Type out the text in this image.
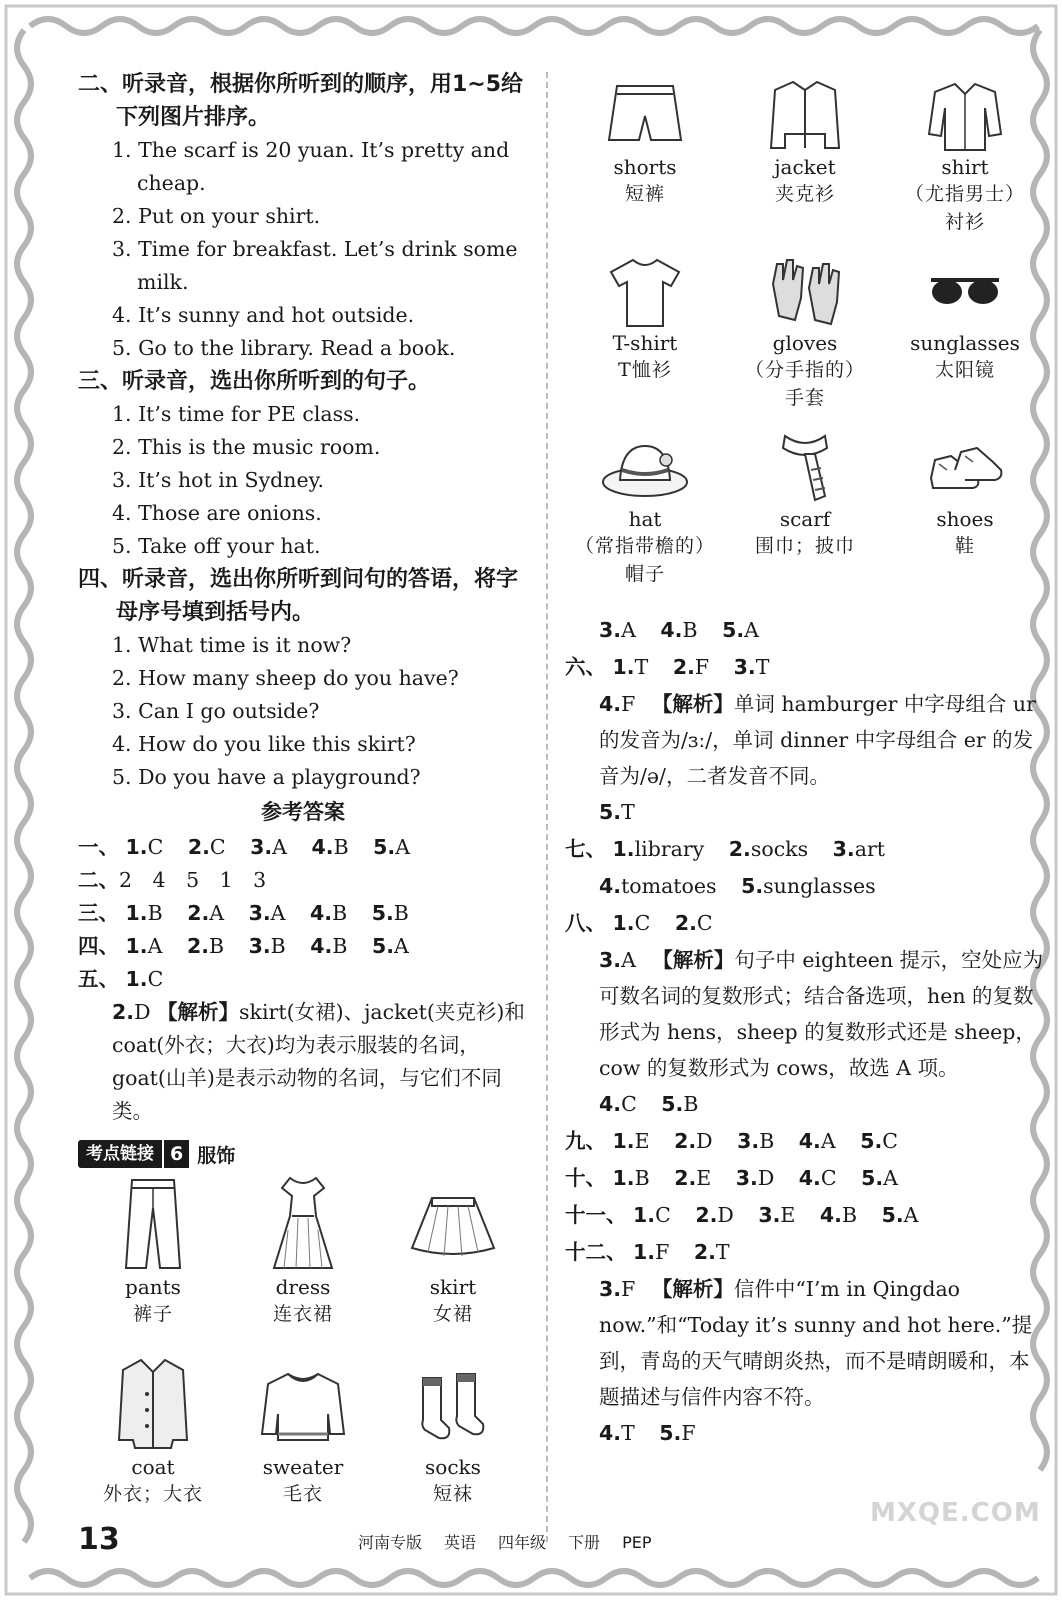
二、听录音，根据你所听到的顺序，用1~5给
下列图片排序。
1. The scarf is 20 yuan. It’s pretty and
cheap.
2. Put on your shirt.
3. Time for breakfast. Let’s drink some
milk.
4. It’s sunny and hot outside.
5. Go to the library. Read a book.
三、听录音，选出你所听到的句子。
1. It’s time for PE class.
2. This is the music room.
3. It’s hot in Sydney.
4. Those are onions.
5. Take off your hat.
四、听录音，选出你所听到问句的答语，将字
母序号填到括号内。
1. What time is it now?
2. How many sheep do you have?
3. Can I go outside?
4. How do you like this skirt?
5. Do you have a playground?
参考答案
一、 1.C 2.C 3.A 4.B 5.A
二、2　4　5　1　3
三、 1.B 2.A 3.A 4.B 5.B
四、 1.A 2.B 3.B 4.B 5.A
五、 1.C
2.D 【解析】skirt(女裙)、jacket(夹克衫)和coat(外衣；大衣)均为表示服装的名词，goat(山羊)是表示动物的名词，与它们不同类。
考点链接 6 服饰
pants
裤子
dress
连衣裙
skirt
女裙
coat
外衣；大衣
sweater
毛衣
socks
短袜
shorts
短裤
jacket
夹克衫
shirt
（尤指男士）
衬衫
T-shirt
T恤衫
gloves
（分手指的）
手套
sunglasses
太阳镜
hat
（常指带檐的）
帽子
scarf
围巾；披巾
shoes
鞋
3.A 4.B 5.A
六、 1.T 2.F 3.T
4.F 【解析】单词 hamburger 中字母组合 ur 的发音为/ɜː/，单词 dinner 中字母组合 er 的发音为/ə/，二者发音不同。
5.T
七、 1.library 2.socks 3.art
4.tomatoes 5.sunglasses
八、 1.C 2.C
3.A 【解析】句子中 eighteen 提示，空处应为可数名词的复数形式；结合备选项，hen 的复数形式为 hens，sheep 的复数形式还是 sheep，cow 的复数形式为 cows，故选 A 项。
4.C 5.B
九、 1.E 2.D 3.B 4.A 5.C
十、 1.B 2.E 3.D 4.C 5.A
十一、 1.C 2.D 3.E 4.B 5.A
十二、 1.F 2.T
3.F 【解析】信件中“I’m in Qingdao now.”和“Today it’s sunny and hot here.”提到，青岛的天气晴朗炎热，而不是晴朗暖和，本题描述与信件内容不符。
4.T 5.F
13	河南专版 英语 四年级 下册 PEP
MXQE.COM
